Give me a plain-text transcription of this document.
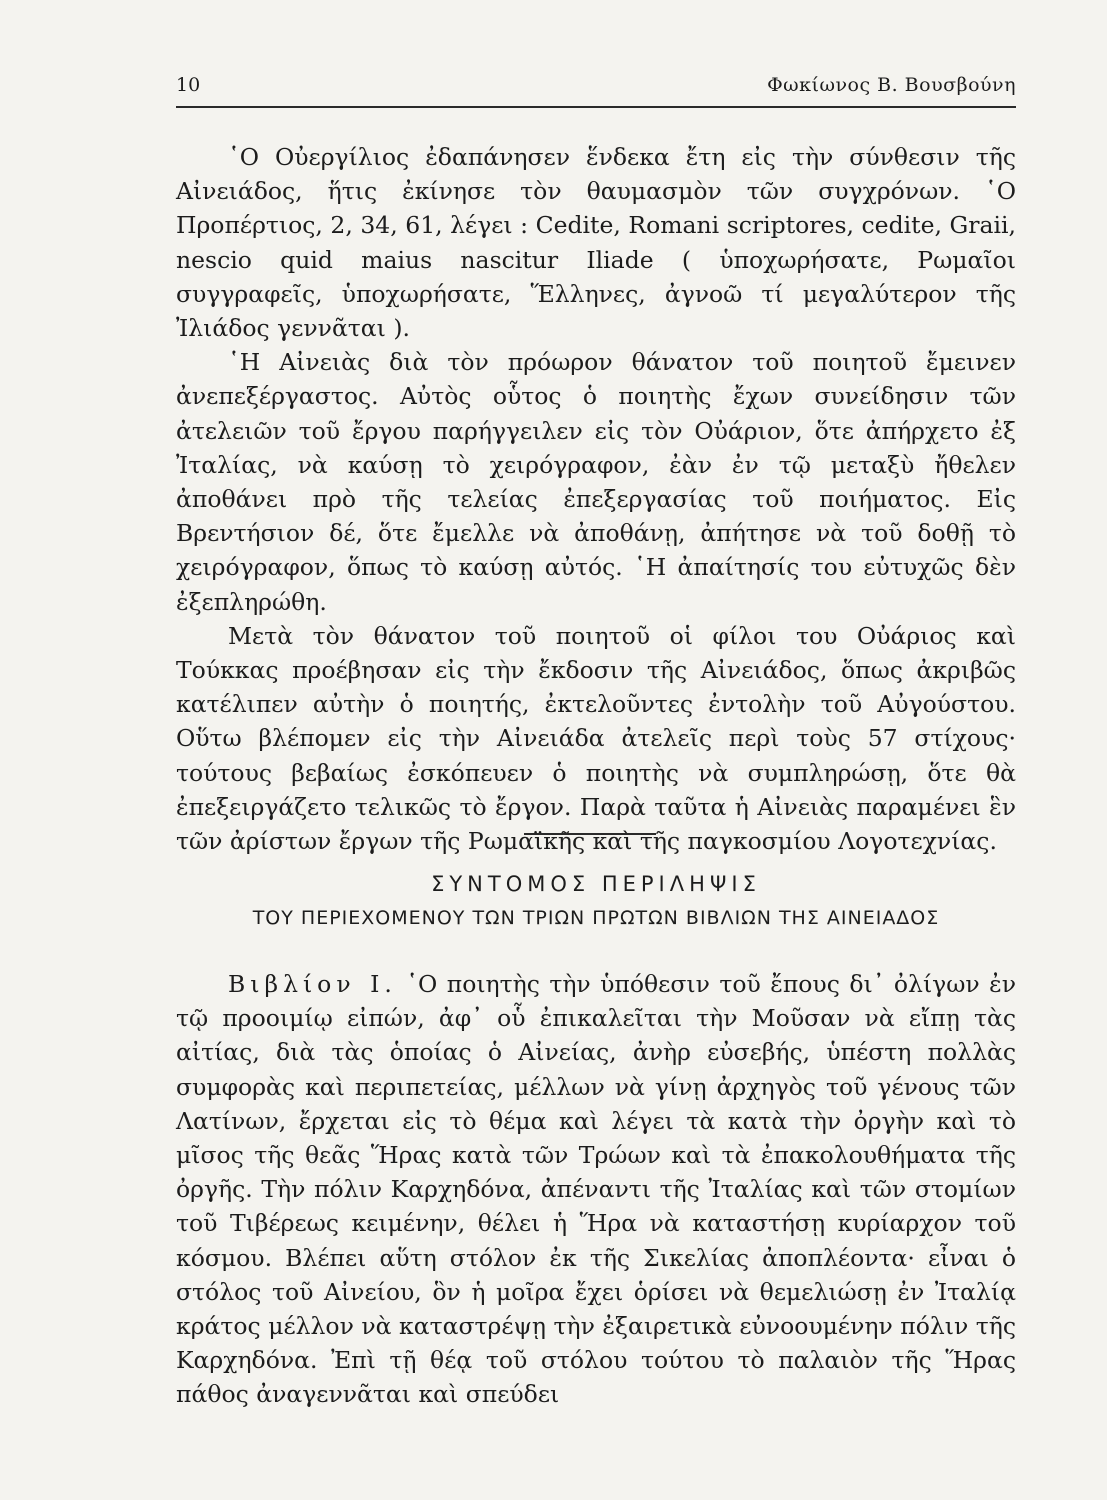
10	Φωκίωνος Β. Βουσβούνη

῾Ο Οὐεργίλιος ἐδαπάνησεν ἕνδεκα ἔτη εἰς τὴν σύνθεσιν τῆς Αἰνειάδος, ἥτις ἐκίνησε τὸν θαυμασμὸν τῶν συγχρόνων. ῾Ο Προπέρτιος, 2, 34, 61, λέγει : Cedite, Romani scriptores, cedite, Graii, nescio quid maius nascitur Iliade ( ὑποχωρήσατε, Ρωμαῖοι συγγραφεῖς, ὑποχωρήσατε, Ἕλληνες, ἀγνοῶ τί μεγαλύτερον τῆς Ἰλιάδος γεννᾶται ).

῾Η Αἰνειὰς διὰ τὸν πρόωρον θάνατον τοῦ ποιητοῦ ἔμεινεν ἀνεπεξέργαστος. Αὐτὸς οὗτος ὁ ποιητὴς ἔχων συνείδησιν τῶν ἀτελειῶν τοῦ ἔργου παρήγγειλεν εἰς τὸν Οὐάριον, ὅτε ἀπήρχετο ἐξ Ἰταλίας, νὰ καύσῃ τὸ χειρόγραφον, ἐὰν ἐν τῷ μεταξὺ ἤθελεν ἀποθάνει πρὸ τῆς τελείας ἐπεξεργασίας τοῦ ποιήματος. Εἰς Βρεντήσιον δέ, ὅτε ἔμελλε νὰ ἀποθάνῃ, ἀπήτησε νὰ τοῦ δοθῇ τὸ χειρόγραφον, ὅπως τὸ καύσῃ αὐτός. ῾Η ἀπαίτησίς του εὐτυχῶς δὲν ἐξεπληρώθη.

Μετὰ τὸν θάνατον τοῦ ποιητοῦ οἱ φίλοι του Οὐάριος καὶ Τούκκας προέβησαν εἰς τὴν ἔκδοσιν τῆς Αἰνειάδος, ὅπως ἀκριβῶς κατέλιπεν αὐτὴν ὁ ποιητής, ἐκτελοῦντες ἐντολὴν τοῦ Αὐγούστου. Οὕτω βλέπομεν εἰς τὴν Αἰνειάδα ἀτελεῖς περὶ τοὺς 57 στίχους· τούτους βεβαίως ἐσκόπευεν ὁ ποιητὴς νὰ συμπληρώσῃ, ὅτε θὰ ἐπεξειργάζετο τελικῶς τὸ ἔργον. Παρὰ ταῦτα ἡ Αἰνειὰς παραμένει ἓν τῶν ἀρίστων ἔργων τῆς Ρωμαϊκῆς καὶ τῆς παγκοσμίου Λογοτεχνίας.

ΣΥΝΤΟΜΟΣ ΠΕΡΙΛΗΨΙΣ
ΤΟΥ ΠΕΡΙΕΧΟΜΕΝΟΥ ΤΩΝ ΤΡΙΩΝ ΠΡΩΤΩΝ ΒΙΒΛΙΩΝ ΤΗΣ ΑΙΝΕΙΑΔΟΣ

Βιβλίον Ι. ῾Ο ποιητὴς τὴν ὑπόθεσιν τοῦ ἔπους δι᾽ ὀλίγων ἐν τῷ προοιμίῳ εἰπών, ἀφ᾽ οὗ ἐπικαλεῖται τὴν Μοῦσαν νὰ εἴπῃ τὰς αἰτίας, διὰ τὰς ὁποίας ὁ Αἰνείας, ἀνὴρ εὐσεβής, ὑπέστη πολλὰς συμφορὰς καὶ περιπετείας, μέλλων νὰ γίνῃ ἀρχηγὸς τοῦ γένους τῶν Λατίνων, ἔρχεται εἰς τὸ θέμα καὶ λέγει τὰ κατὰ τὴν ὀργὴν καὶ τὸ μῖσος τῆς θεᾶς Ἥρας κατὰ τῶν Τρώων καὶ τὰ ἐπακολουθήματα τῆς ὀργῆς. Τὴν πόλιν Καρχηδόνα, ἀπέναντι τῆς Ἰταλίας καὶ τῶν στομίων τοῦ Τιβέρεως κειμένην, θέλει ἡ Ἥρα νὰ καταστήσῃ κυρίαρχον τοῦ κόσμου. Βλέπει αὕτη στόλον ἐκ τῆς Σικελίας ἀποπλέοντα· εἶναι ὁ στόλος τοῦ Αἰνείου, ὃν ἡ μοῖρα ἔχει ὁρίσει νὰ θεμελιώσῃ ἐν Ἰταλίᾳ κράτος μέλλον νὰ καταστρέψῃ τὴν ἐξαιρετικὰ εὐνοουμένην πόλιν τῆς Καρχηδόνα. Ἐπὶ τῇ θέᾳ τοῦ στόλου τούτου τὸ παλαιὸν τῆς Ἥρας πάθος ἀναγεννᾶται καὶ σπεύδει
